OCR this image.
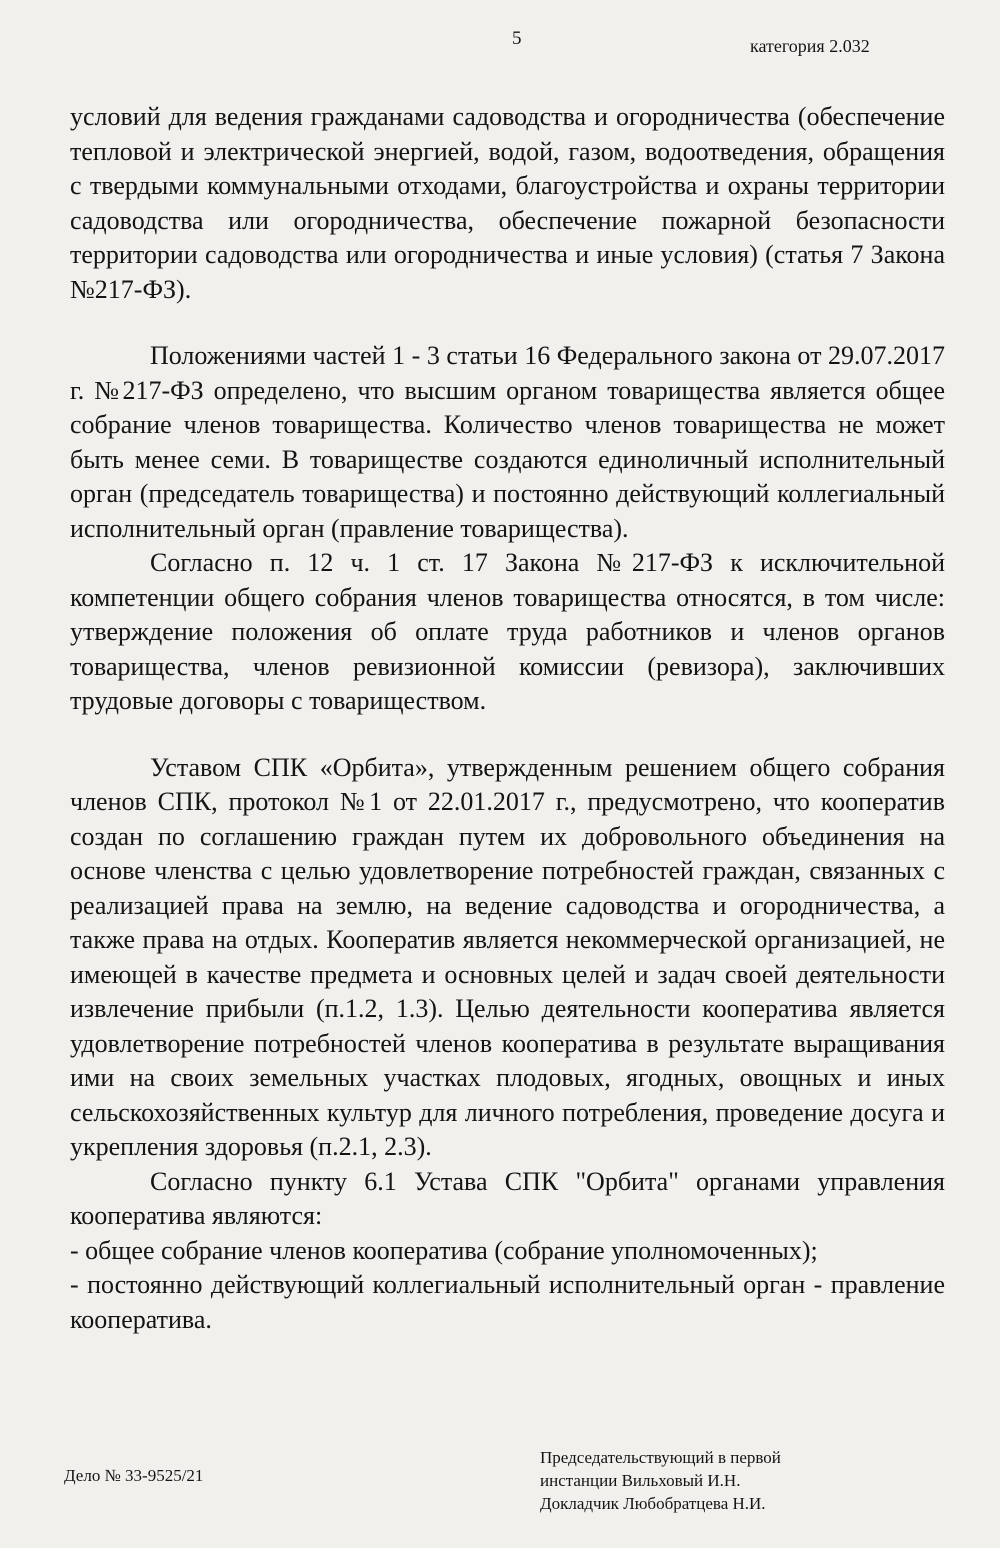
5	категория 2.032

условий для ведения гражданами садоводства и огородничества (обеспечение тепловой и электрической энергией, водой, газом, водоотведения, обращения с твердыми коммунальными отходами, благоустройства и охраны территории садоводства или огородничества, обеспечение пожарной безопасности территории садоводства или огородничества и иные условия) (статья 7 Закона №217-ФЗ).

Положениями частей 1 - 3 статьи 16 Федерального закона от 29.07.2017 г. №217-ФЗ определено, что высшим органом товарищества является общее собрание членов товарищества. Количество членов товарищества не может быть менее семи. В товариществе создаются единоличный исполнительный орган (председатель товарищества) и постоянно действующий коллегиальный исполнительный орган (правление товарищества).

Согласно п. 12 ч. 1 ст. 17 Закона №217-ФЗ к исключительной компетенции общего собрания членов товарищества относятся, в том числе: утверждение положения об оплате труда работников и членов органов товарищества, членов ревизионной комиссии (ревизора), заключивших трудовые договоры с товариществом.

Уставом СПК «Орбита», утвержденным решением общего собрания членов СПК, протокол №1 от 22.01.2017 г., предусмотрено, что кооператив создан по соглашению граждан путем их добровольного объединения на основе членства с целью удовлетворение потребностей граждан, связанных с реализацией права на землю, на ведение садоводства и огородничества, а также права на отдых. Кооператив является некоммерческой организацией, не имеющей в качестве предмета и основных целей и задач своей деятельности извлечение прибыли (п.1.2, 1.3). Целью деятельности кооператива является удовлетворение потребностей членов кооператива в результате выращивания ими на своих земельных участках плодовых, ягодных, овощных и иных сельскохозяйственных культур для личного потребления, проведение досуга и укрепления здоровья (п.2.1, 2.3).

Согласно пункту 6.1 Устава СПК "Орбита" органами управления кооператива являются:

- общее собрание членов кооператива (собрание уполномоченных);

- постоянно действующий коллегиальный исполнительный орган - правление кооператива.

Дело № 33-9525/21
Председательствующий в первой
инстанции Вильховый И.Н.
Докладчик Любобратцева Н.И.
